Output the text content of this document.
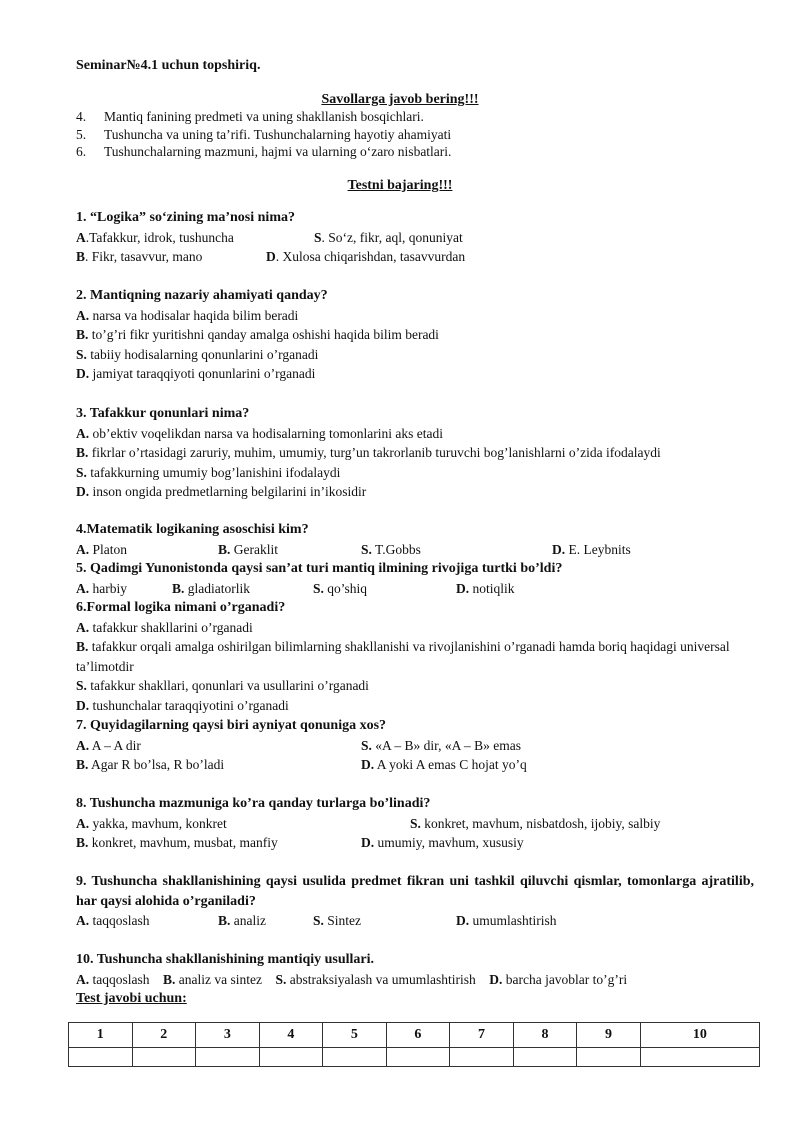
Seminar№4.1 uchun topshiriq.
Savollarga javob bering!!!
4. Mantiq fanining predmeti va uning shakllanish bosqichlari.
5. Tushuncha va uning ta’rifi. Tushunchalarning hayotiy ahamiyati
6. Tushunchalarning mazmuni, hajmi va ularning o‘zaro nisbatlari.
Testni bajaring!!!
1. “Logika” so‘zining ma’nosi nima?
A.Tafakkur, idrok, tushuncha	S. So‘z, fikr, aql, qonuniyat
B. Fikr, tasavvur, mano	D. Xulosa chiqarishdan, tasavvurdan
2. Mantiqning nazariy ahamiyati qanday?
A. narsa va hodisalar haqida bilim beradi
B. to’g’ri fikr yuritishni qanday amalga oshishi haqida bilim beradi
S. tabiiy hodisalarning qonunlarini o’rganadi
D. jamiyat taraqqiyoti qonunlarini o’rganadi
3. Tafakkur qonunlari nima?
A. ob’ektiv voqelikdan narsa va hodisalarning tomonlarini aks etadi
B. fikrlar o’rtasidagi zaruriy, muhim, umumiy, turg’un takrorlanib turuvchi bog’lanishlarni o’zida ifodalaydi
S. tafakkurning umumiy bog’lanishini ifodalaydi
D. inson ongida predmetlarning belgilarini in’ikosidir
4.Matematik logikaning asoschisi kim?
A. Platon	B. Geraklit	S. T.Gobbs	D. E. Leybnits
5. Qadimgi Yunonistonda qaysi san’at turi mantiq ilmining rivojiga turtki bo’ldi?
A. harbiy	B. gladiatorlik	S. qo’shiq	D. notiqlik
6.Formal logika nimani o’rganadi?
A. tafakkur shakllarini o’rganadi
B. tafakkur orqali amalga oshirilgan bilimlarning shakllanishi va rivojlanishini o’rganadi hamda boriq haqidagi universal ta’limotdir
S. tafakkur shakllari, qonunlari va usullarini o’rganadi
D. tushunchalar taraqqiyotini o’rganadi
7. Quyidagilarning qaysi biri ayniyat qonuniga xos?
A. A – A dir	S. «A – B» dir, «A – B» emas
B. Agar R bo’lsa, R bo’ladi	D. A yoki A emas C hojat yo’q
8. Tushuncha mazmuniga ko’ra qanday turlarga bo’linadi?
A. yakka, mavhum, konkret	S. konkret, mavhum, nisbatdosh, ijobiy, salbiy
B. konkret, mavhum, musbat, manfiy	D. umumiy, mavhum, xususiy
9. Tushuncha shakllanishining qaysi usulida predmet fikran uni tashkil qiluvchi qismlar, tomonlarga ajratilib, har qaysi alohida o’rganiladi?
A. taqqoslash	B. analiz	S. Sintez	D. umumlashtirish
10. Tushuncha shakllanishining mantiqiy usullari.
A. taqqoslash B. analiz va sintez S. abstraksiyalash va umumlashtirish D. barcha javoblar to’g’ri
Test javobi uchun:
1	2	3	4	5	6	7	8	9	10
